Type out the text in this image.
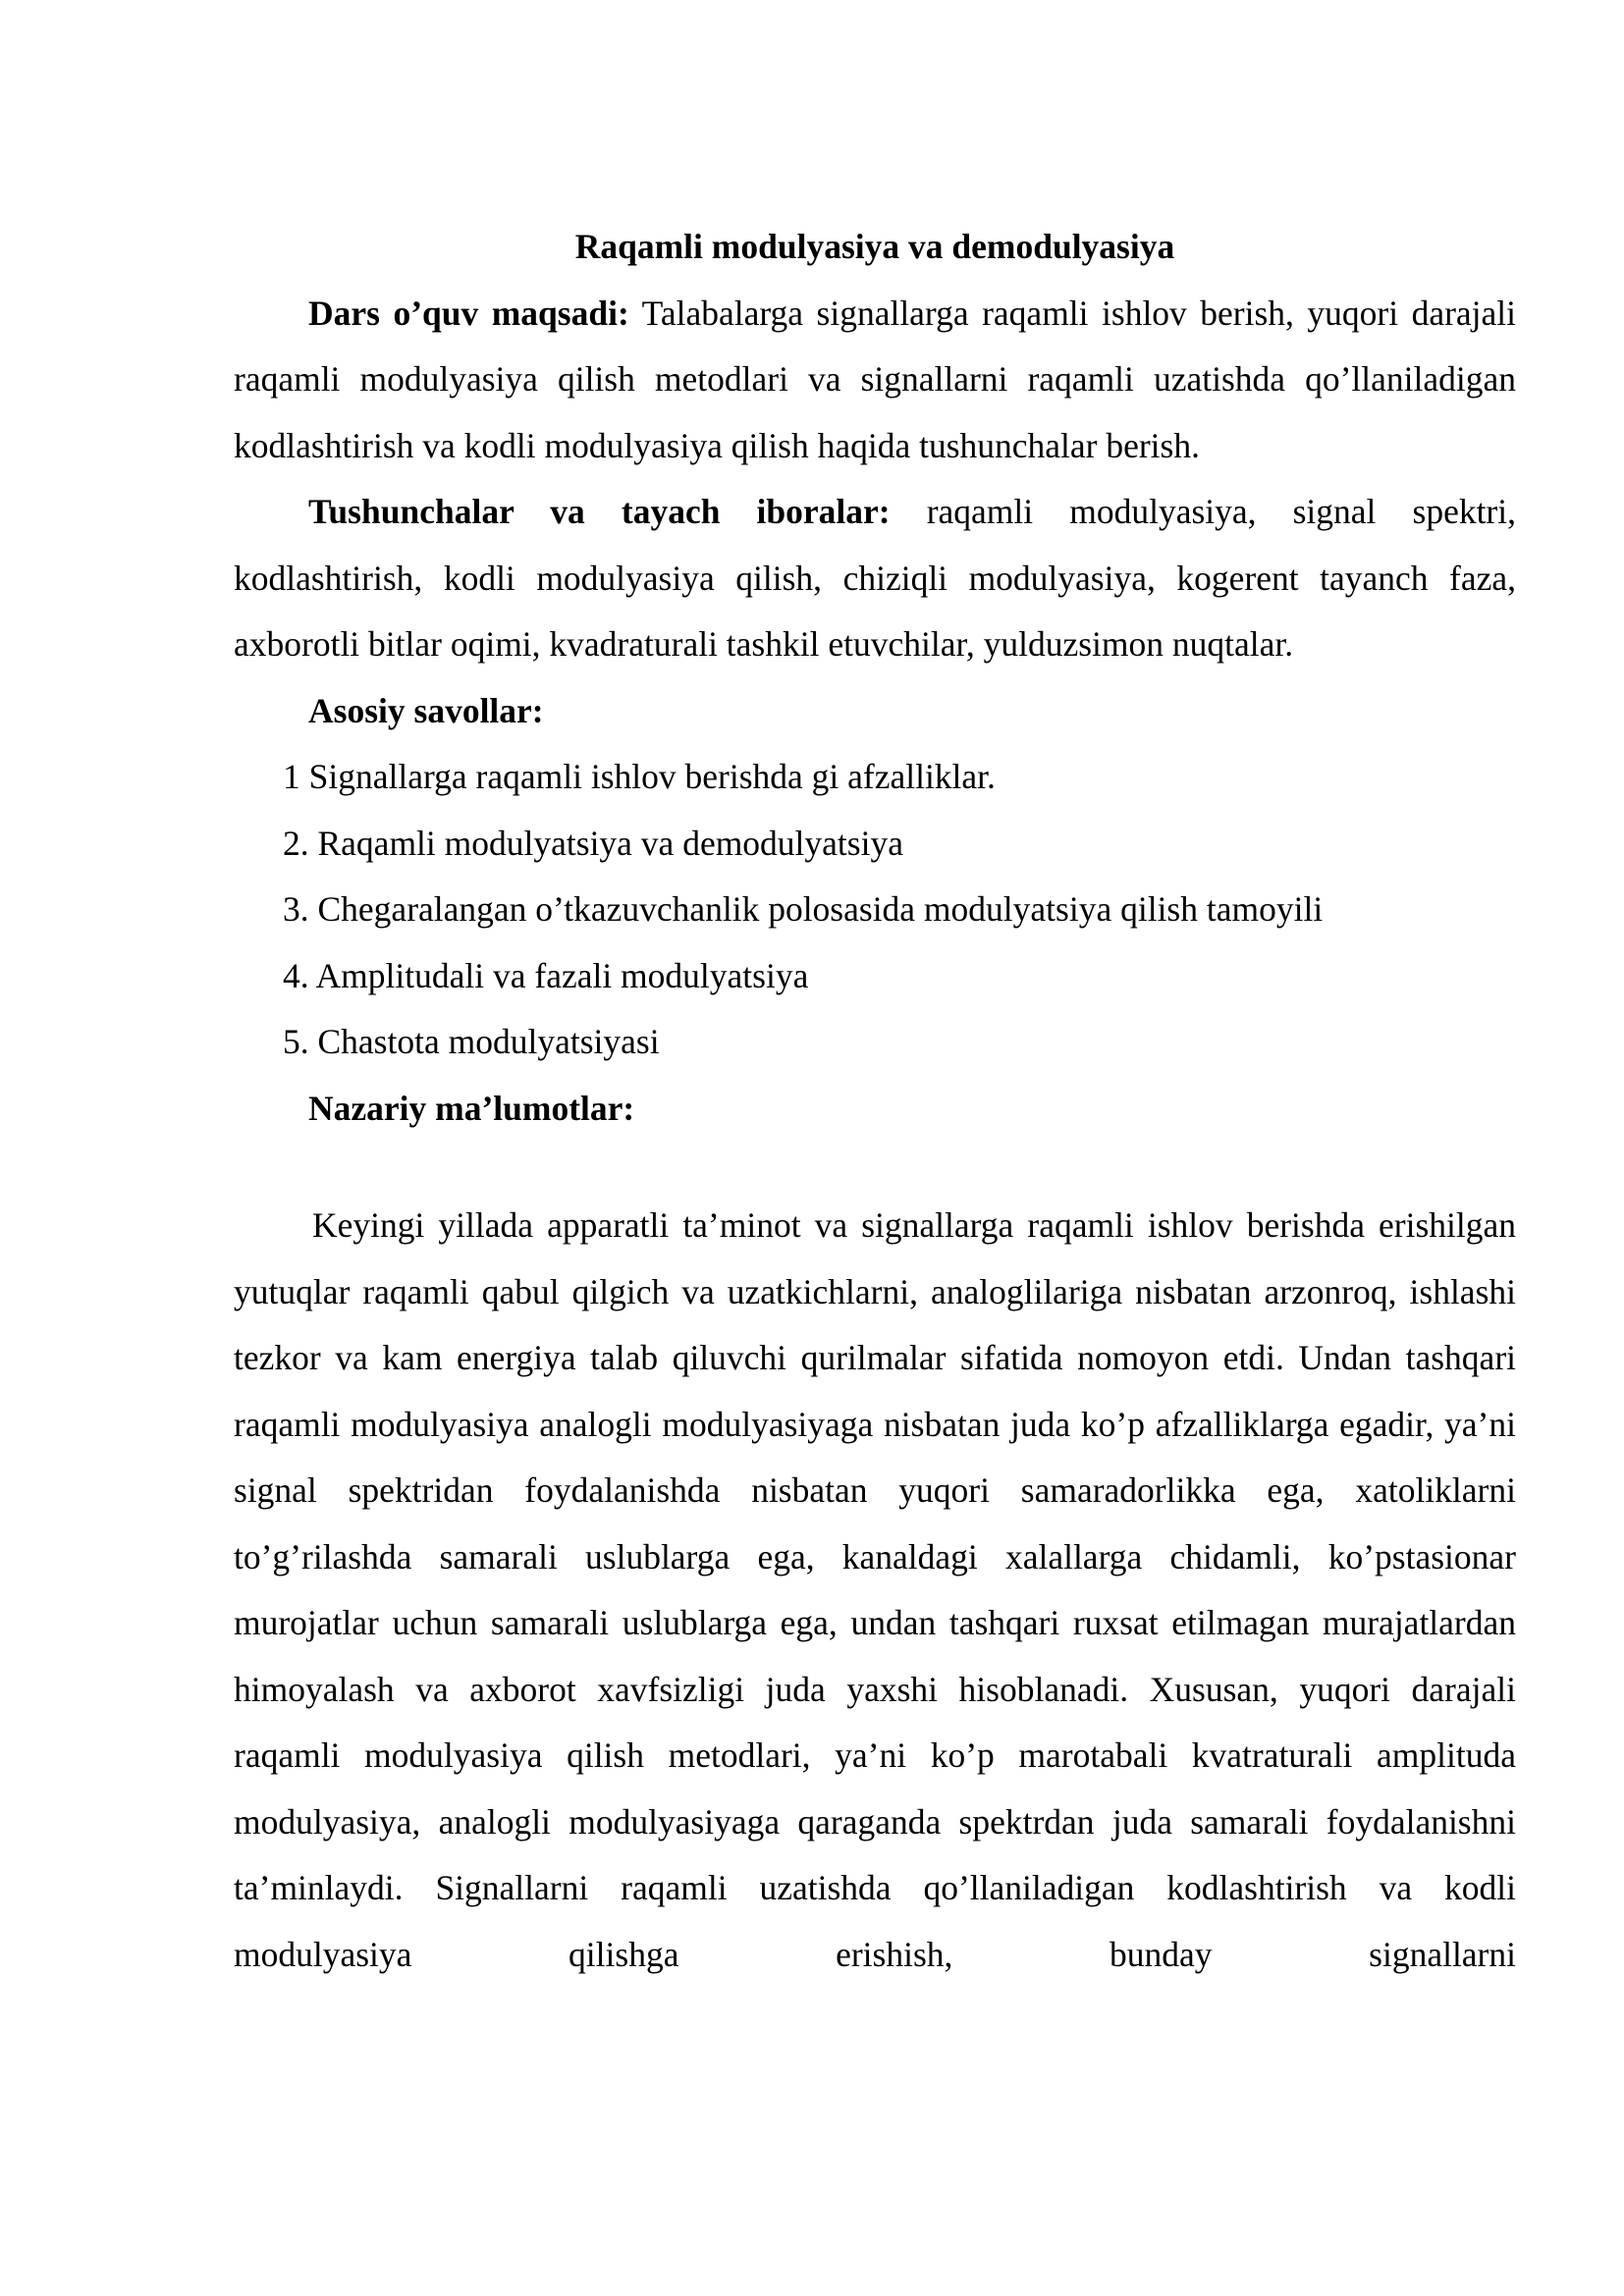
Raqamli modulyasiya va demodulyasiya

Dars o’quv maqsadi: Talabalarga signallarga raqamli ishlov berish, yuqori darajali raqamli modulyasiya qilish metodlari va signallarni raqamli uzatishda qo’llaniladigan kodlashtirish va kodli modulyasiya qilish haqida tushunchalar berish.

Tushunchalar va tayach iboralar: raqamli modulyasiya, signal spektri, kodlashtirish, kodli modulyasiya qilish, chiziqli modulyasiya, kogerent tayanch faza, axborotli bitlar oqimi, kvadraturali tashkil etuvchilar, yulduzsimon nuqtalar.

Asosiy savollar:

1 Signallarga raqamli ishlov berishda gi afzalliklar.
2. Raqamli modulyatsiya va demodulyatsiya
3. Chegaralangan o’tkazuvchanlik polosasida modulyatsiya qilish tamoyili
4. Amplitudali va fazali modulyatsiya
5. Chastota modulyatsiyasi

Nazariy ma’lumotlar:

Keyingi yillada apparatli ta’minot va signallarga raqamli ishlov berishda erishilgan yutuqlar raqamli qabul qilgich va uzatkichlarni, analoglilariga nisbatan arzonroq, ishlashi tezkor va kam energiya talab qiluvchi qurilmalar sifatida nomoyon etdi. Undan tashqari raqamli modulyasiya analogli modulyasiyaga nisbatan juda ko’p afzalliklarga egadir, ya’ni signal spektridan foydalanishda nisbatan yuqori samaradorlikka ega, xatoliklarni to’g’rilashda samarali uslublarga ega, kanaldagi xalallarga chidamli, ko’pstasionar murojatlar uchun samarali uslublarga ega, undan tashqari ruxsat etilmagan murajatlardan himoyalash va axborot xavfsizligi juda yaxshi hisoblanadi. Xususan, yuqori darajali raqamli modulyasiya qilish metodlari, ya’ni ko’p marotabali kvatraturali amplituda modulyasiya, analogli modulyasiyaga qaraganda spektrdan juda samarali foydalanishni ta’minlaydi. Signallarni raqamli uzatishda qo’llaniladigan kodlashtirish va kodli modulyasiya qilishga erishish, bunday signallarni
